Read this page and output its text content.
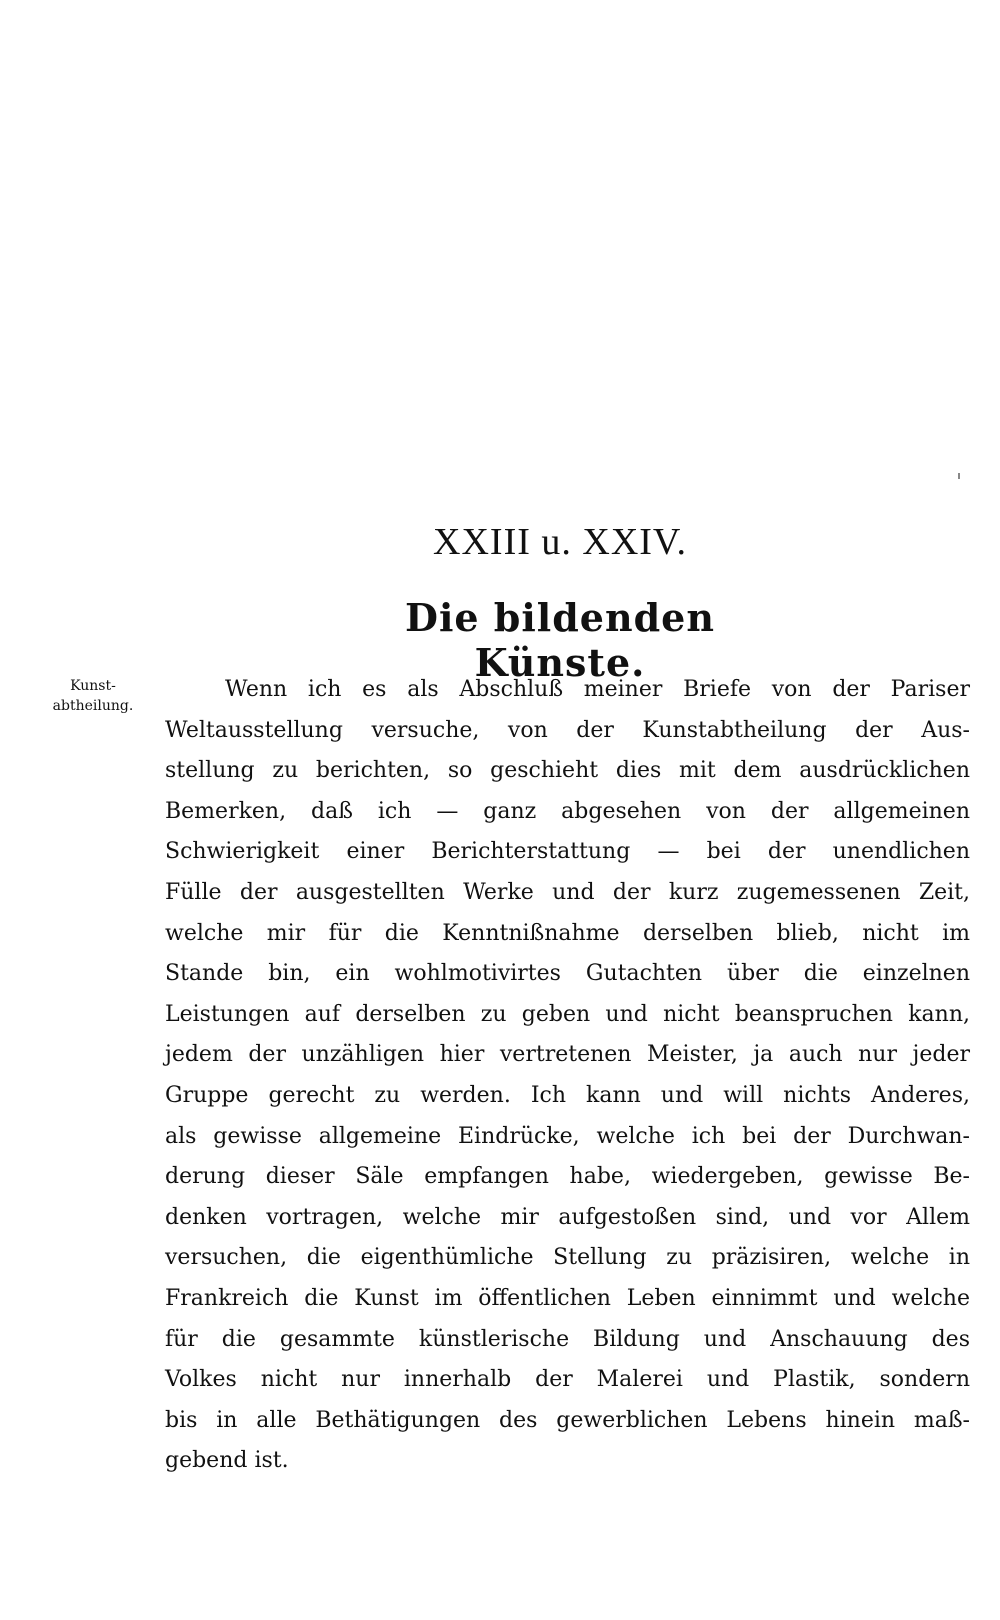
XXIII u. XXIV.
Die bildenden Künste.
Kunst-
abtheilung.
Wenn ich es als Abschluß meiner Briefe von der Pariser
Weltausstellung versuche, von der Kunstabtheilung der Aus-
stellung zu berichten, so geschieht dies mit dem ausdrücklichen
Bemerken, daß ich — ganz abgesehen von der allgemeinen
Schwierigkeit einer Berichterstattung — bei der unendlichen
Fülle der ausgestellten Werke und der kurz zugemessenen Zeit,
welche mir für die Kenntnißnahme derselben blieb, nicht im
Stande bin, ein wohlmotivirtes Gutachten über die einzelnen
Leistungen auf derselben zu geben und nicht beanspruchen kann,
jedem der unzähligen hier vertretenen Meister, ja auch nur jeder
Gruppe gerecht zu werden. Ich kann und will nichts Anderes,
als gewisse allgemeine Eindrücke, welche ich bei der Durchwan-
derung dieser Säle empfangen habe, wiedergeben, gewisse Be-
denken vortragen, welche mir aufgestoßen sind, und vor Allem
versuchen, die eigenthümliche Stellung zu präzisiren, welche in
Frankreich die Kunst im öffentlichen Leben einnimmt und welche
für die gesammte künstlerische Bildung und Anschauung des
Volkes nicht nur innerhalb der Malerei und Plastik, sondern
bis in alle Bethätigungen des gewerblichen Lebens hinein maß-
gebend ist.
